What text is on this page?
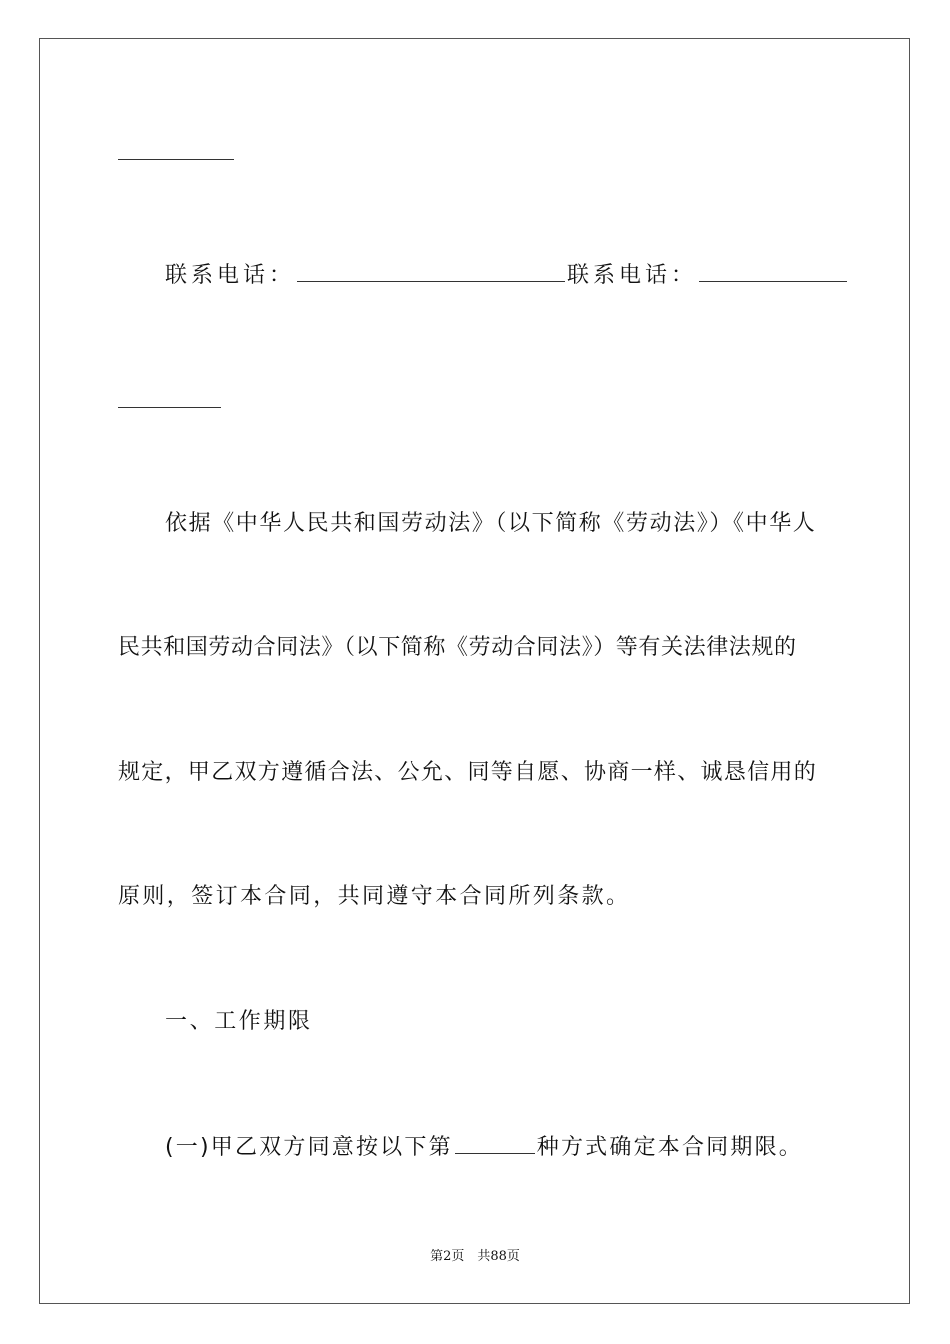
联系电话：	联系电话：
依据《中华人民共和国劳动法》（以下简称《劳动法》）《中华人
民共和国劳动合同法》（以下简称《劳动合同法》）等有关法律法规的
规定，甲乙双方遵循合法、公允、同等自愿、协商一样、诚恳信用的
原则，签订本合同，共同遵守本合同所列条款。
一、工作期限
(一)甲乙双方同意按以下第	种方式确定本合同期限。
第2页　共88页
